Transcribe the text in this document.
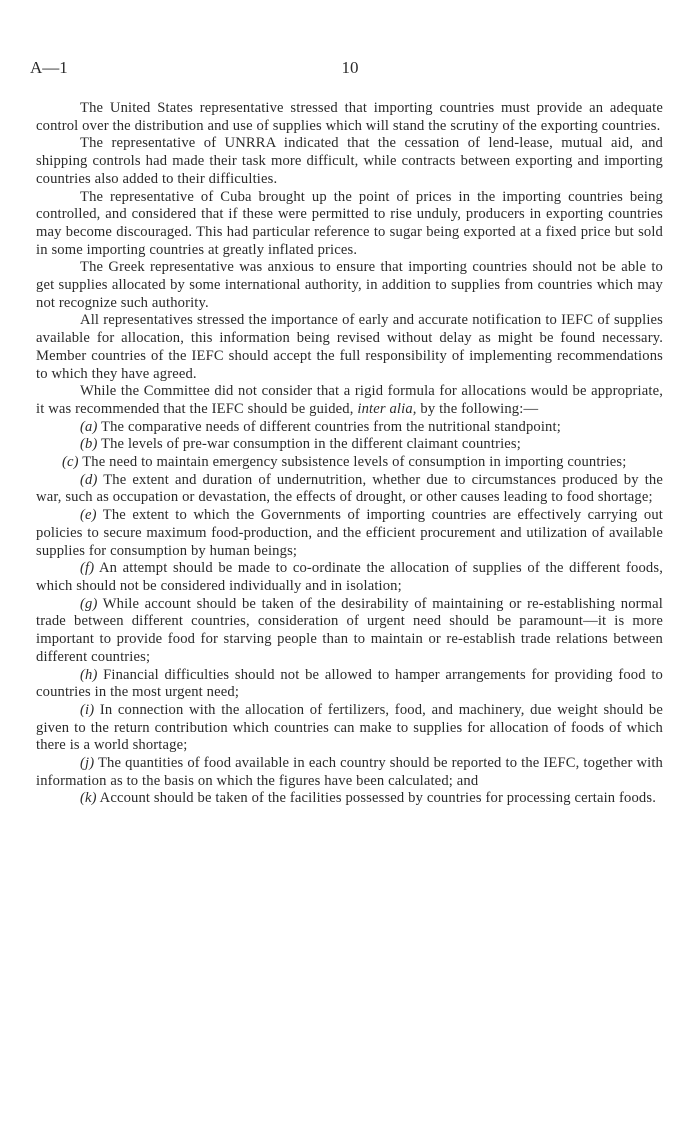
A—1	10

The United States representative stressed that importing countries must provide an adequate control over the distribution and use of supplies which will stand the scrutiny of the exporting countries.

The representative of UNRRA indicated that the cessation of lend-lease, mutual aid, and shipping controls had made their task more difficult, while contracts between exporting and importing countries also added to their difficulties.

The representative of Cuba brought up the point of prices in the importing countries being controlled, and considered that if these were permitted to rise unduly, producers in exporting countries may become discouraged. This had particular reference to sugar being exported at a fixed price but sold in some importing countries at greatly inflated prices.

The Greek representative was anxious to ensure that importing countries should not be able to get supplies allocated by some international authority, in addition to supplies from countries which may not recognize such authority.

All representatives stressed the importance of early and accurate notification to IEFC of supplies available for allocation, this information being revised without delay as might be found necessary. Member countries of the IEFC should accept the full responsibility of implementing recommendations to which they have agreed.

While the Committee did not consider that a rigid formula for allocations would be appropriate, it was recommended that the IEFC should be guided, inter alia, by the following:—

(a) The comparative needs of different countries from the nutritional standpoint;

(b) The levels of pre-war consumption in the different claimant countries;

(c) The need to maintain emergency subsistence levels of consumption in importing countries;

(d) The extent and duration of undernutrition, whether due to circumstances produced by the war, such as occupation or devastation, the effects of drought, or other causes leading to food shortage;

(e) The extent to which the Governments of importing countries are effectively carrying out policies to secure maximum food-production, and the efficient procurement and utilization of available supplies for consumption by human beings;

(f) An attempt should be made to co-ordinate the allocation of supplies of the different foods, which should not be considered individually and in isolation;

(g) While account should be taken of the desirability of maintaining or re-establishing normal trade between different countries, consideration of urgent need should be paramount—it is more important to provide food for starving people than to maintain or re-establish trade relations between different countries;

(h) Financial difficulties should not be allowed to hamper arrangements for providing food to countries in the most urgent need;

(i) In connection with the allocation of fertilizers, food, and machinery, due weight should be given to the return contribution which countries can make to supplies for allocation of foods of which there is a world shortage;

(j) The quantities of food available in each country should be reported to the IEFC, together with information as to the basis on which the figures have been calculated; and

(k) Account should be taken of the facilities possessed by countries for processing certain foods.
